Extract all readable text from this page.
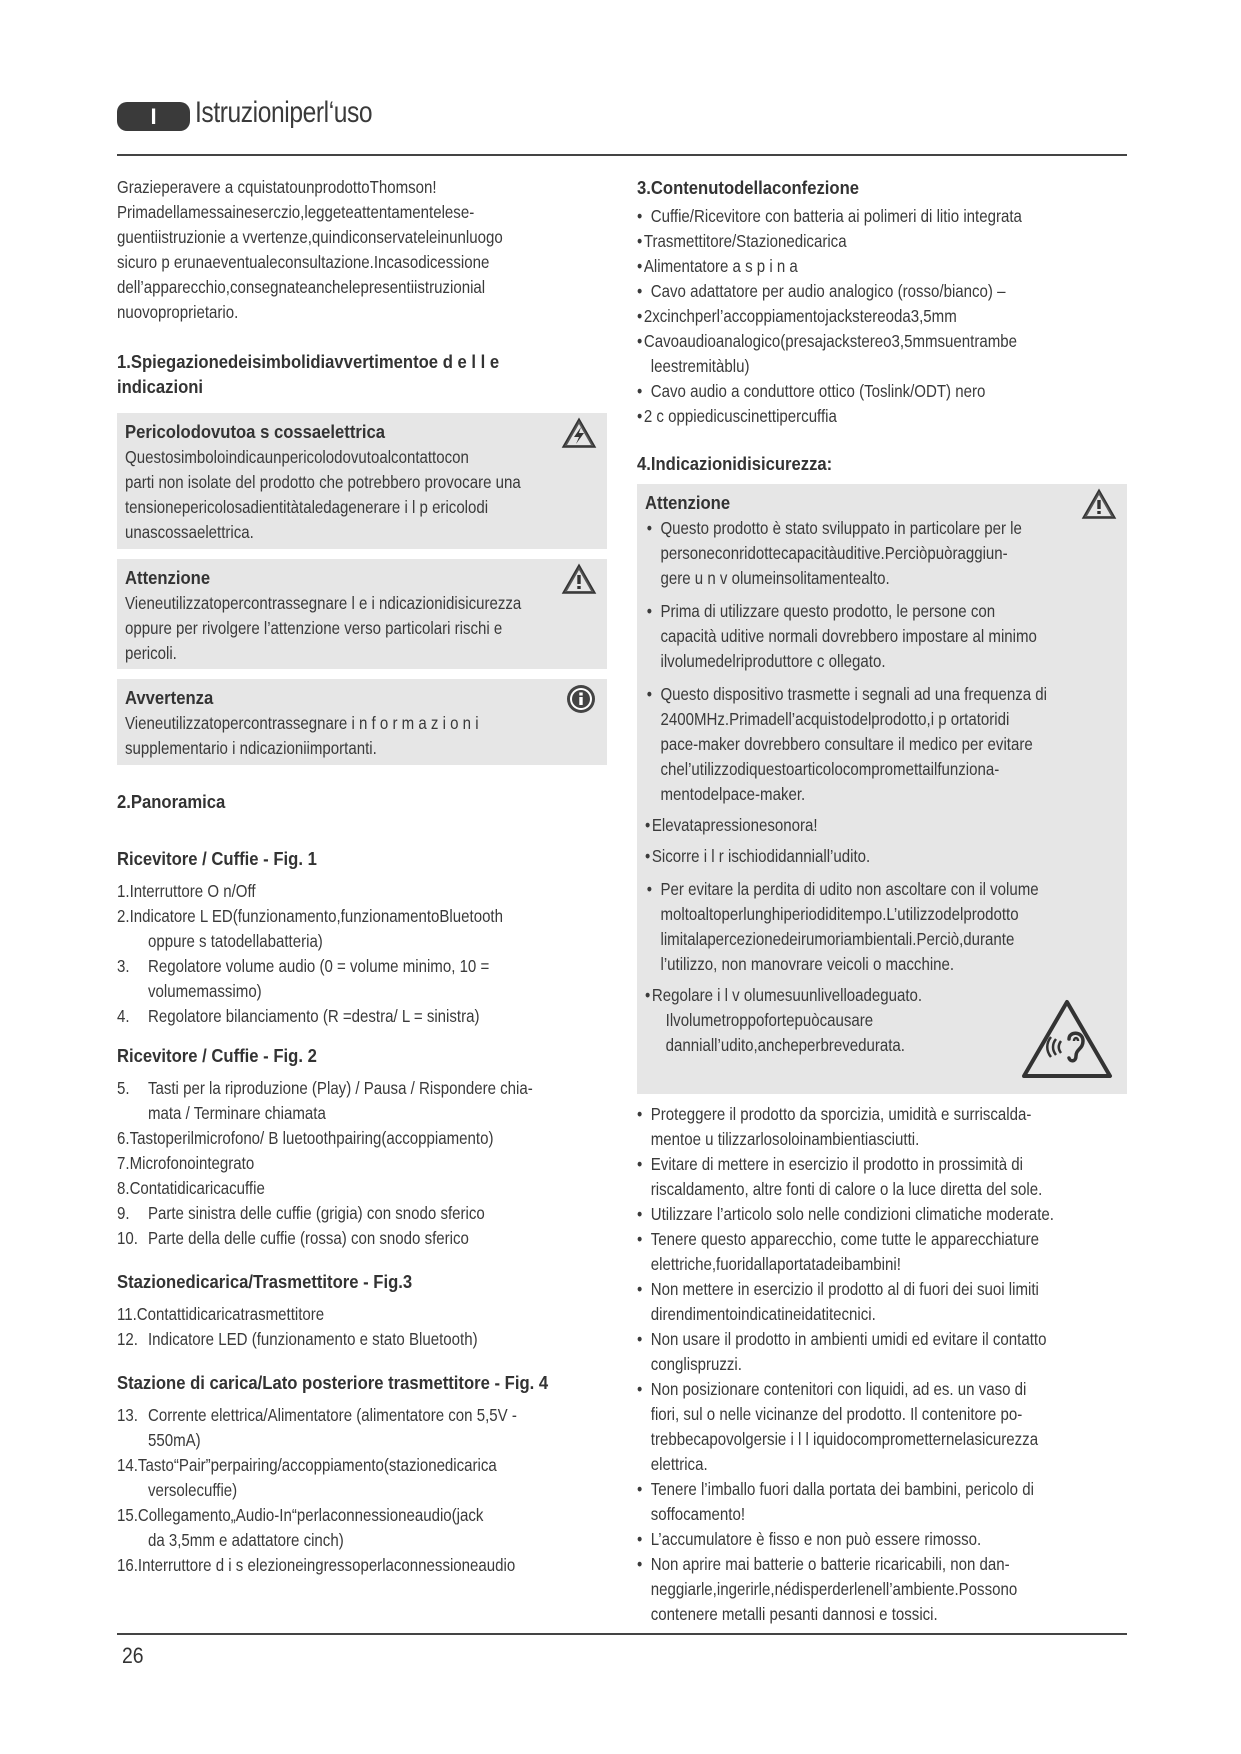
I	Istruzioniperl‘uso

Grazieperavere a cquistatounprodottoThomson!

Primadellamessaineserczio,leggeteattentamentelese-

guentiistruzionie a vvertenze,quindiconservateleinunluogo

sicuro p erunaeventualeconsultazione.Incasodicessione

dell’apparecchio,consegnateanchelepresentiistruzionial

nuovoproprietario.

1.Spiegazionedeisimbolidiavvertimentoe d e l l e
indicazioni
Pericolodovutoa s cossaelettrica

Questosimboloindicaunpericolodovutoalcontattocon

parti non isolate del prodotto che potrebbero provocare una

tensionepericolosadientitàtaledagenerare i l p ericolodi

unascossaelettrica.

Attenzione

Vieneutilizzatopercontrassegnare l e i ndicazionidisicurezza

oppure per rivolgere l’attenzione verso particolari rischi e

pericoli.

Avvertenza

Vieneutilizzatopercontrassegnare i n f o r m a z i o n i

supplementario i ndicazioniimportanti.

2.Panoramica
Ricevitore / Cuffie - Fig. 1
1.Interruttore O n/Off
2.Indicatore L ED(funzionamento,funzionamentoBluetooth
oppure s tatodellabatteria)
3. Regolatore volume audio (0 = volume minimo, 10 =
volumemassimo)
4. Regolatore bilanciamento (R =destra/ L = sinistra)
Ricevitore / Cuffie - Fig. 2
5. Tasti per la riproduzione (Play) / Pausa / Rispondere chia-
mata / Terminare chiamata
6.Tastoperilmicrofono/ B luetoothpairing(accoppiamento)
7.Microfonointegrato
8.Contatidicaricacuffie
9. Parte sinistra delle cuffie (grigia) con snodo sferico
10. Parte della delle cuffie (rossa) con snodo sferico
Stazionedicarica/Trasmettitore - Fig.3
11.Contattidicaricatrasmettitore
12. Indicatore LED (funzionamento e stato Bluetooth)
Stazione di carica/Lato posteriore trasmettitore - Fig. 4
13. Corrente elettrica/Alimentatore (alimentatore con 5,5V -
550mA)
14.Tasto“Pair”perpairing/accoppiamento(stazionedicarica
versolecuffie)
15.Collegamento„Audio-In“perlaconnessioneaudio(jack
da 3,5mm e adattatore cinch)
16.Interruttore d i s elezioneingressoperlaconnessioneaudio
3.Contenutodellaconfezione
• Cuffie/Ricevitore con batteria ai polimeri di litio integrata
• Trasmettitore/Stazionedicarica
• Alimentatore a s p i n a
• Cavo adattatore per audio analogico (rosso/bianco) –
• 2xcinchperl’accoppiamentojackstereoda3,5mm
• Cavoaudioanalogico(presajackstereo3,5mmsuentrambe
leestremitàblu)
• Cavo audio a conduttore ottico (Toslink/ODT) nero
• 2 c oppiedicuscinettipercuffia
4.Indicazionidisicurezza:
Attenzione
• Questo prodotto è stato sviluppato in particolare per le
personeconridottecapacitàuditive.Perciòpuòraggiun-
gere u n v olumeinsolitamentealto.
• Prima di utilizzare questo prodotto, le persone con
capacità uditive normali dovrebbero impostare al minimo
ilvolumedelriproduttore c ollegato.
• Questo dispositivo trasmette i segnali ad una frequenza di
2400MHz.Primadell’acquistodelprodotto,i p ortatoridi
pace-maker dovrebbero consultare il medico per evitare
chel’utilizzodiquestoarticolocompromettailfunziona-
mentodelpace-maker.
• Elevatapressionesonora!
• Sicorre i l r ischiodidanniall’udito.
• Per evitare la perdita di udito non ascoltare con il volume
moltoaltoperlunghiperiodiditempo.L’utilizzodelprodotto
limitalapercezionedeirumoriambientali.Perciò,durante
l’utilizzo, non manovrare veicoli o macchine.
• Regolare i l v olumesuunlivelloadeguato.
Ilvolumetroppofortepuòcausare
danniall’udito,ancheperbrevedurata.
• Proteggere il prodotto da sporcizia, umidità e surriscalda-
mentoe u tilizzarlosoloinambientiasciutti.
• Evitare di mettere in esercizio il prodotto in prossimità di
riscaldamento, altre fonti di calore o la luce diretta del sole.
• Utilizzare l’articolo solo nelle condizioni climatiche moderate.
• Tenere questo apparecchio, come tutte le apparecchiature
elettriche,fuoridallaportatadeibambini!
• Non mettere in esercizio il prodotto al di fuori dei suoi limiti
direndimentoindicatineidatitecnici.
• Non usare il prodotto in ambienti umidi ed evitare il contatto
conglispruzzi.
• Non posizionare contenitori con liquidi, ad es. un vaso di
fiori, sul o nelle vicinanze del prodotto. Il contenitore po-
trebbecapovolgersie i l l iquidocomprometternelasicurezza
elettrica.
• Tenere l’imballo fuori dalla portata dei bambini, pericolo di
soffocamento!
• L’accumulatore è fisso e non può essere rimosso.
• Non aprire mai batterie o batterie ricaricabili, non dan-
neggiarle,ingerirle,nédisperderlenell’ambiente.Possono
contenere metalli pesanti dannosi e tossici.
26
